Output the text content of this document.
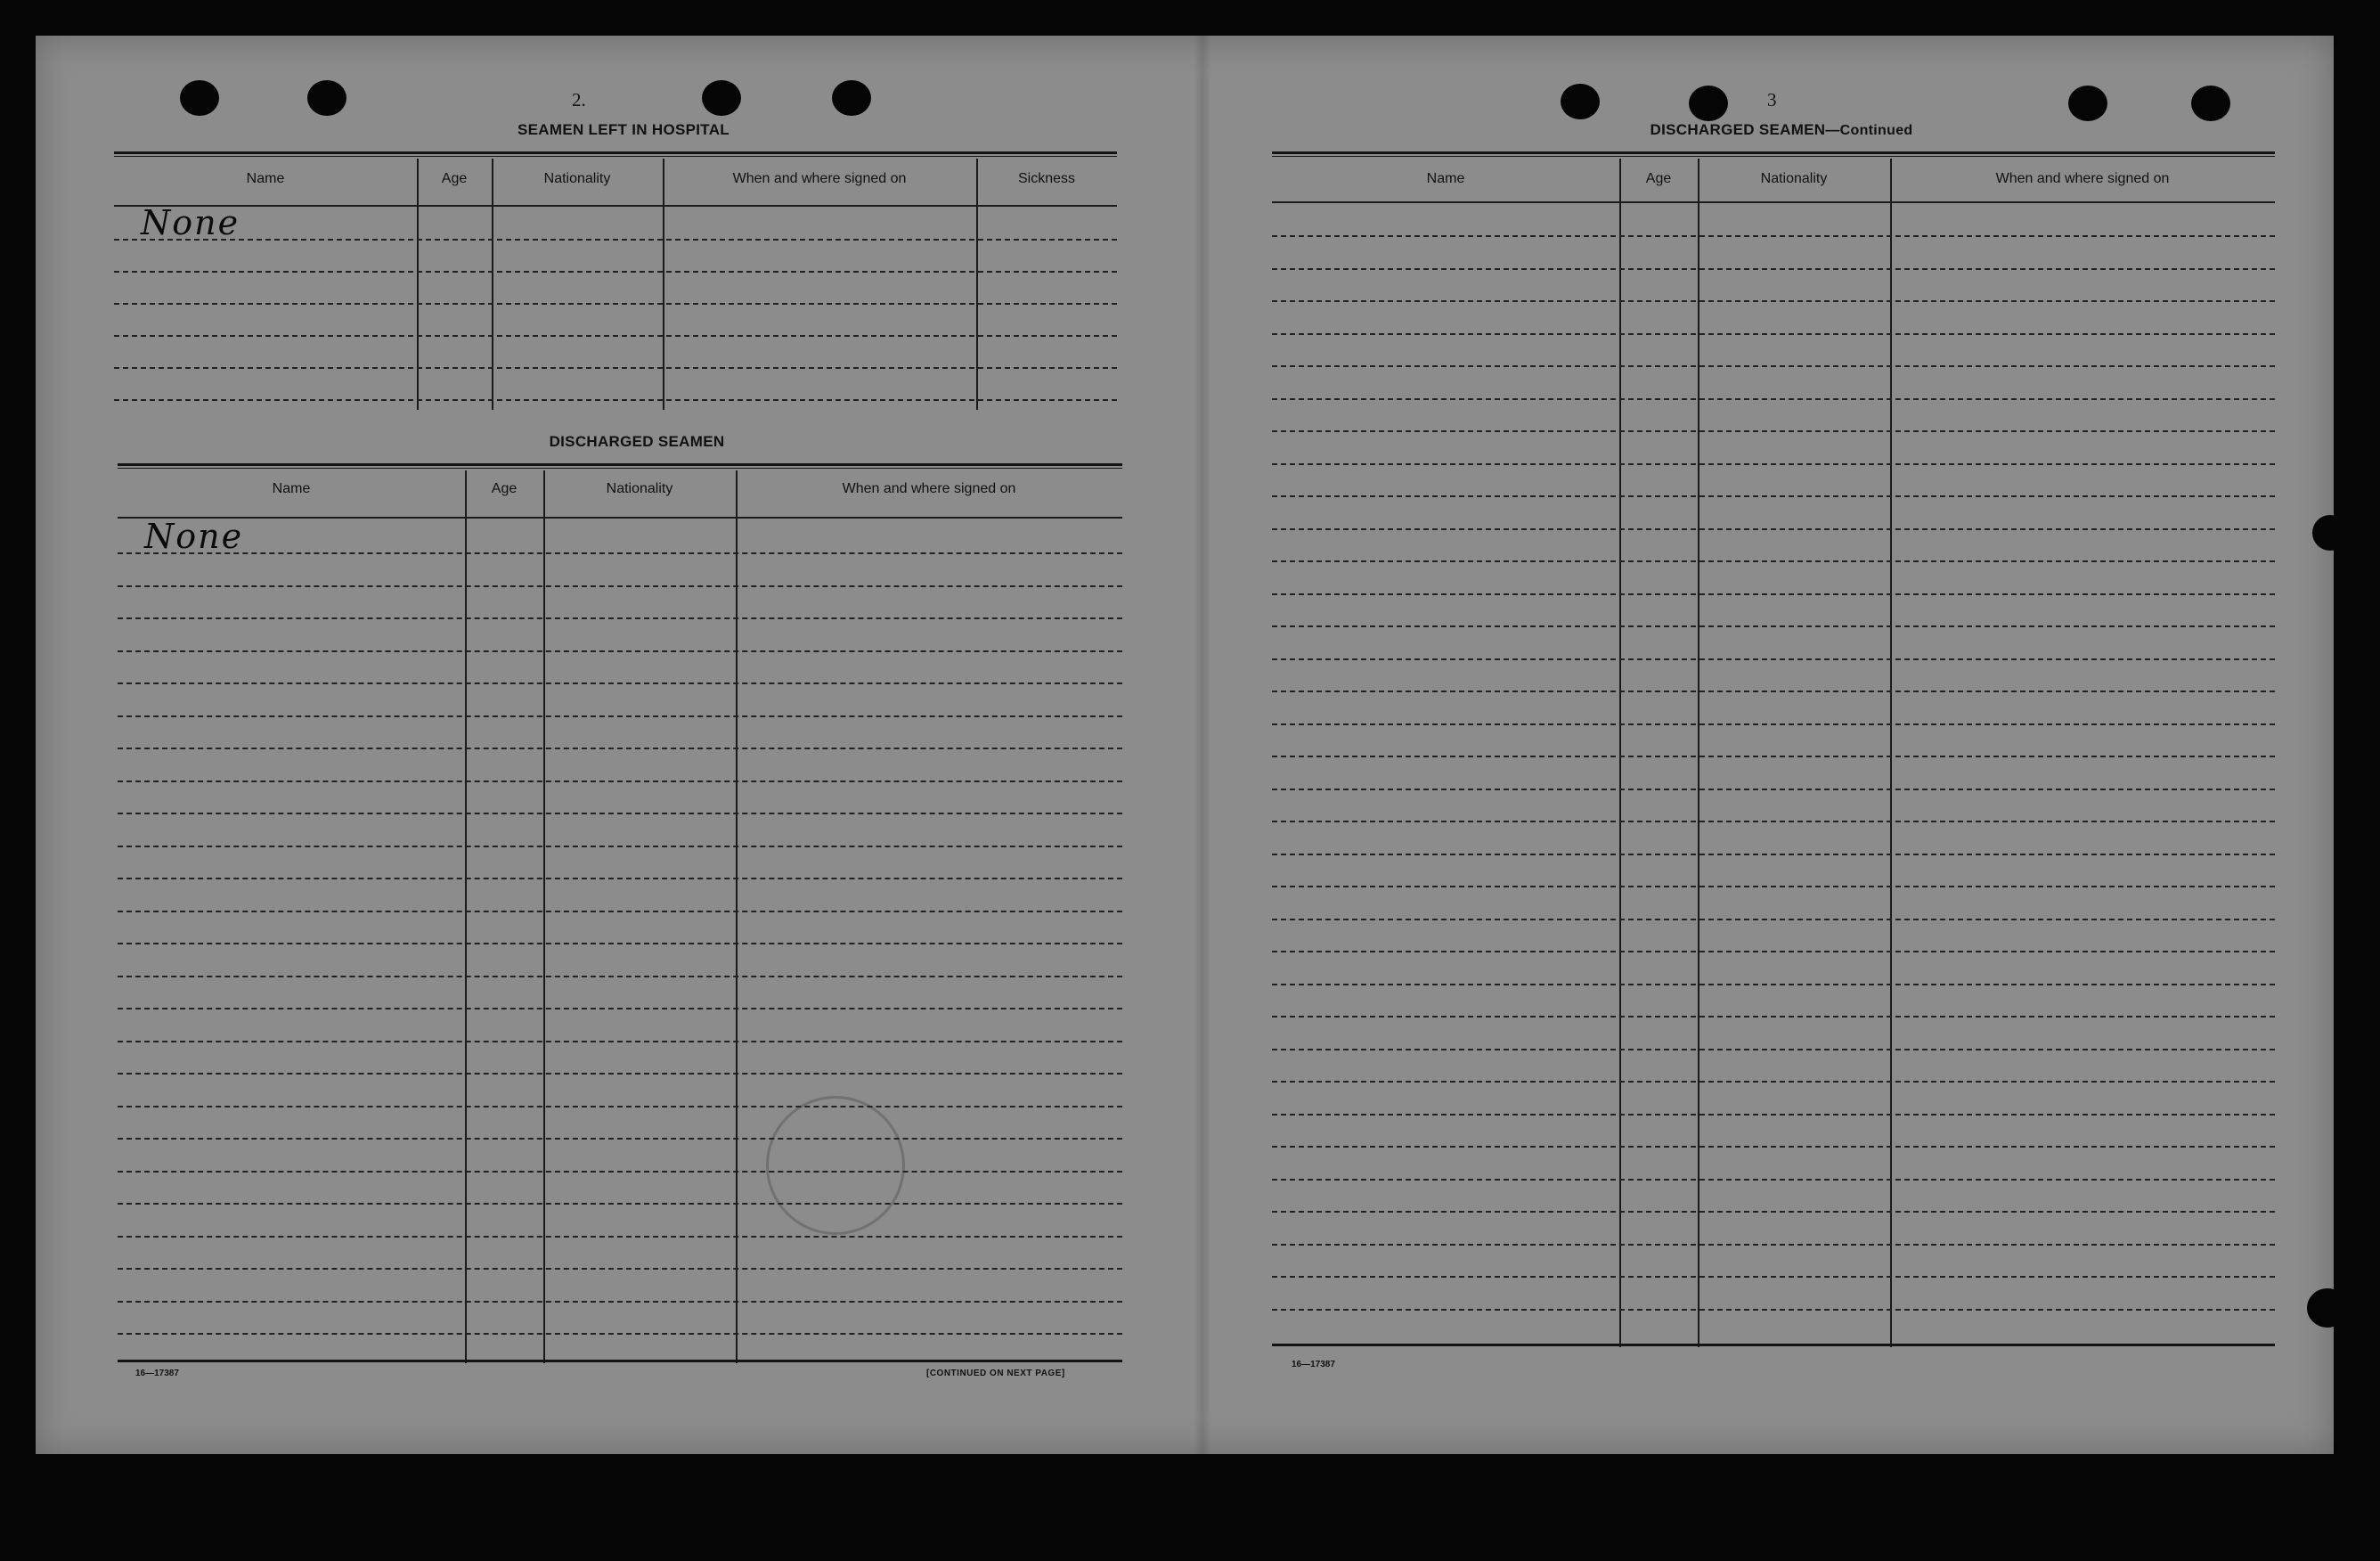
2.
SEAMEN LEFT IN HOSPITAL
Name	Age	Nationality	When and where signed on	Sickness
None
DISCHARGED SEAMEN
Name	Age	Nationality	When and where signed on
None
16—17387	[CONTINUED ON NEXT PAGE]
3
DISCHARGED SEAMEN—Continued
Name	Age	Nationality	When and where signed on
16—17387
